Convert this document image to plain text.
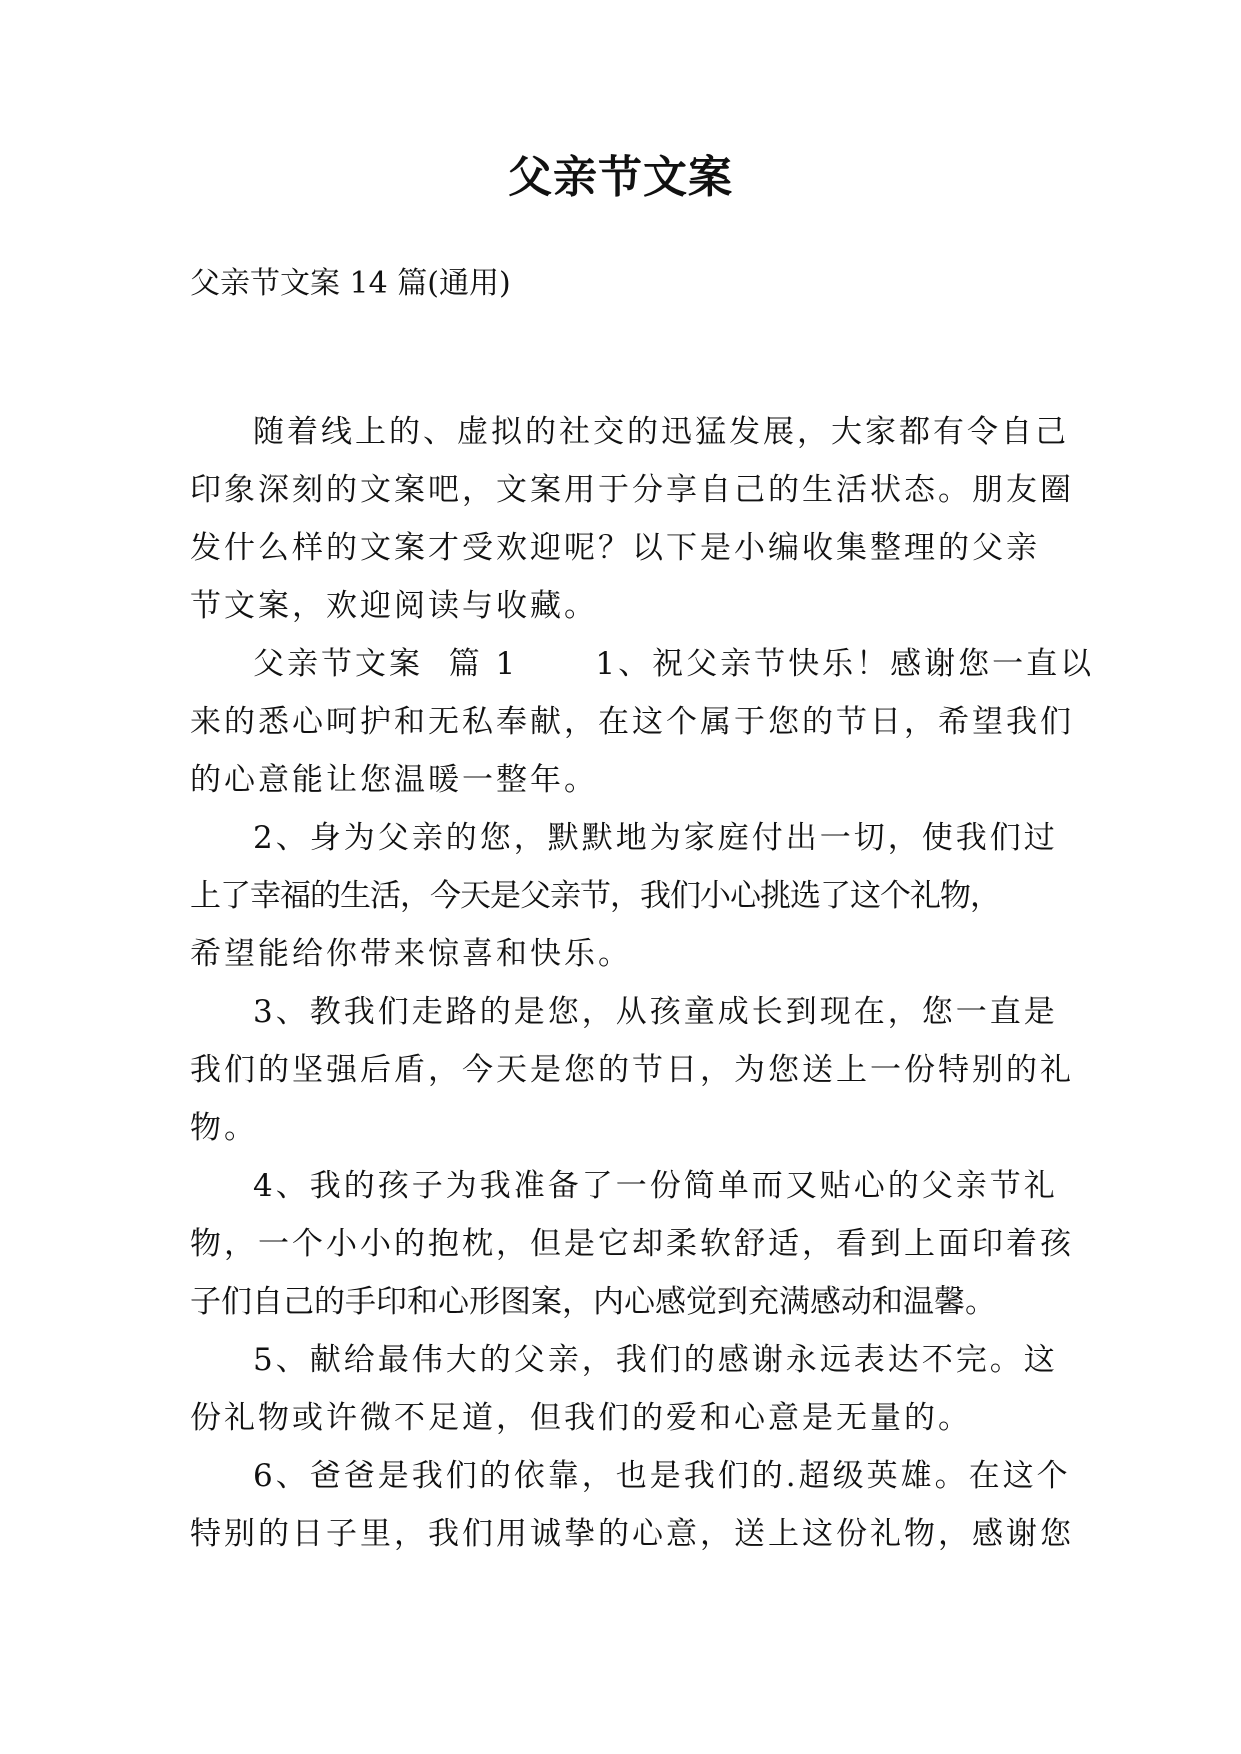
父亲节文案
父亲节文案 14 篇(通用)

随着线上的、虚拟的社交的迅猛发展，大家都有令自己
印象深刻的文案吧，文案用于分享自己的生活状态。朋友圈
发什么样的文案才受欢迎呢？以下是小编收集整理的父亲
节文案，欢迎阅读与收藏。

父亲节文案  篇 1      1、祝父亲节快乐！感谢您一直以
来的悉心呵护和无私奉献，在这个属于您的节日，希望我们
的心意能让您温暖一整年。

2、身为父亲的您，默默地为家庭付出一切，使我们过
上了幸福的生活，今天是父亲节，我们小心挑选了这个礼物，
希望能给你带来惊喜和快乐。

3、教我们走路的是您，从孩童成长到现在，您一直是
我们的坚强后盾，今天是您的节日，为您送上一份特别的礼
物。

4、我的孩子为我准备了一份简单而又贴心的父亲节礼
物，一个小小的抱枕，但是它却柔软舒适，看到上面印着孩
子们自己的手印和心形图案，内心感觉到充满感动和温馨。

5、献给最伟大的父亲，我们的感谢永远表达不完。这
份礼物或许微不足道，但我们的爱和心意是无量的。

6、爸爸是我们的依靠，也是我们的.超级英雄。在这个
特别的日子里，我们用诚挚的心意，送上这份礼物，感谢您
